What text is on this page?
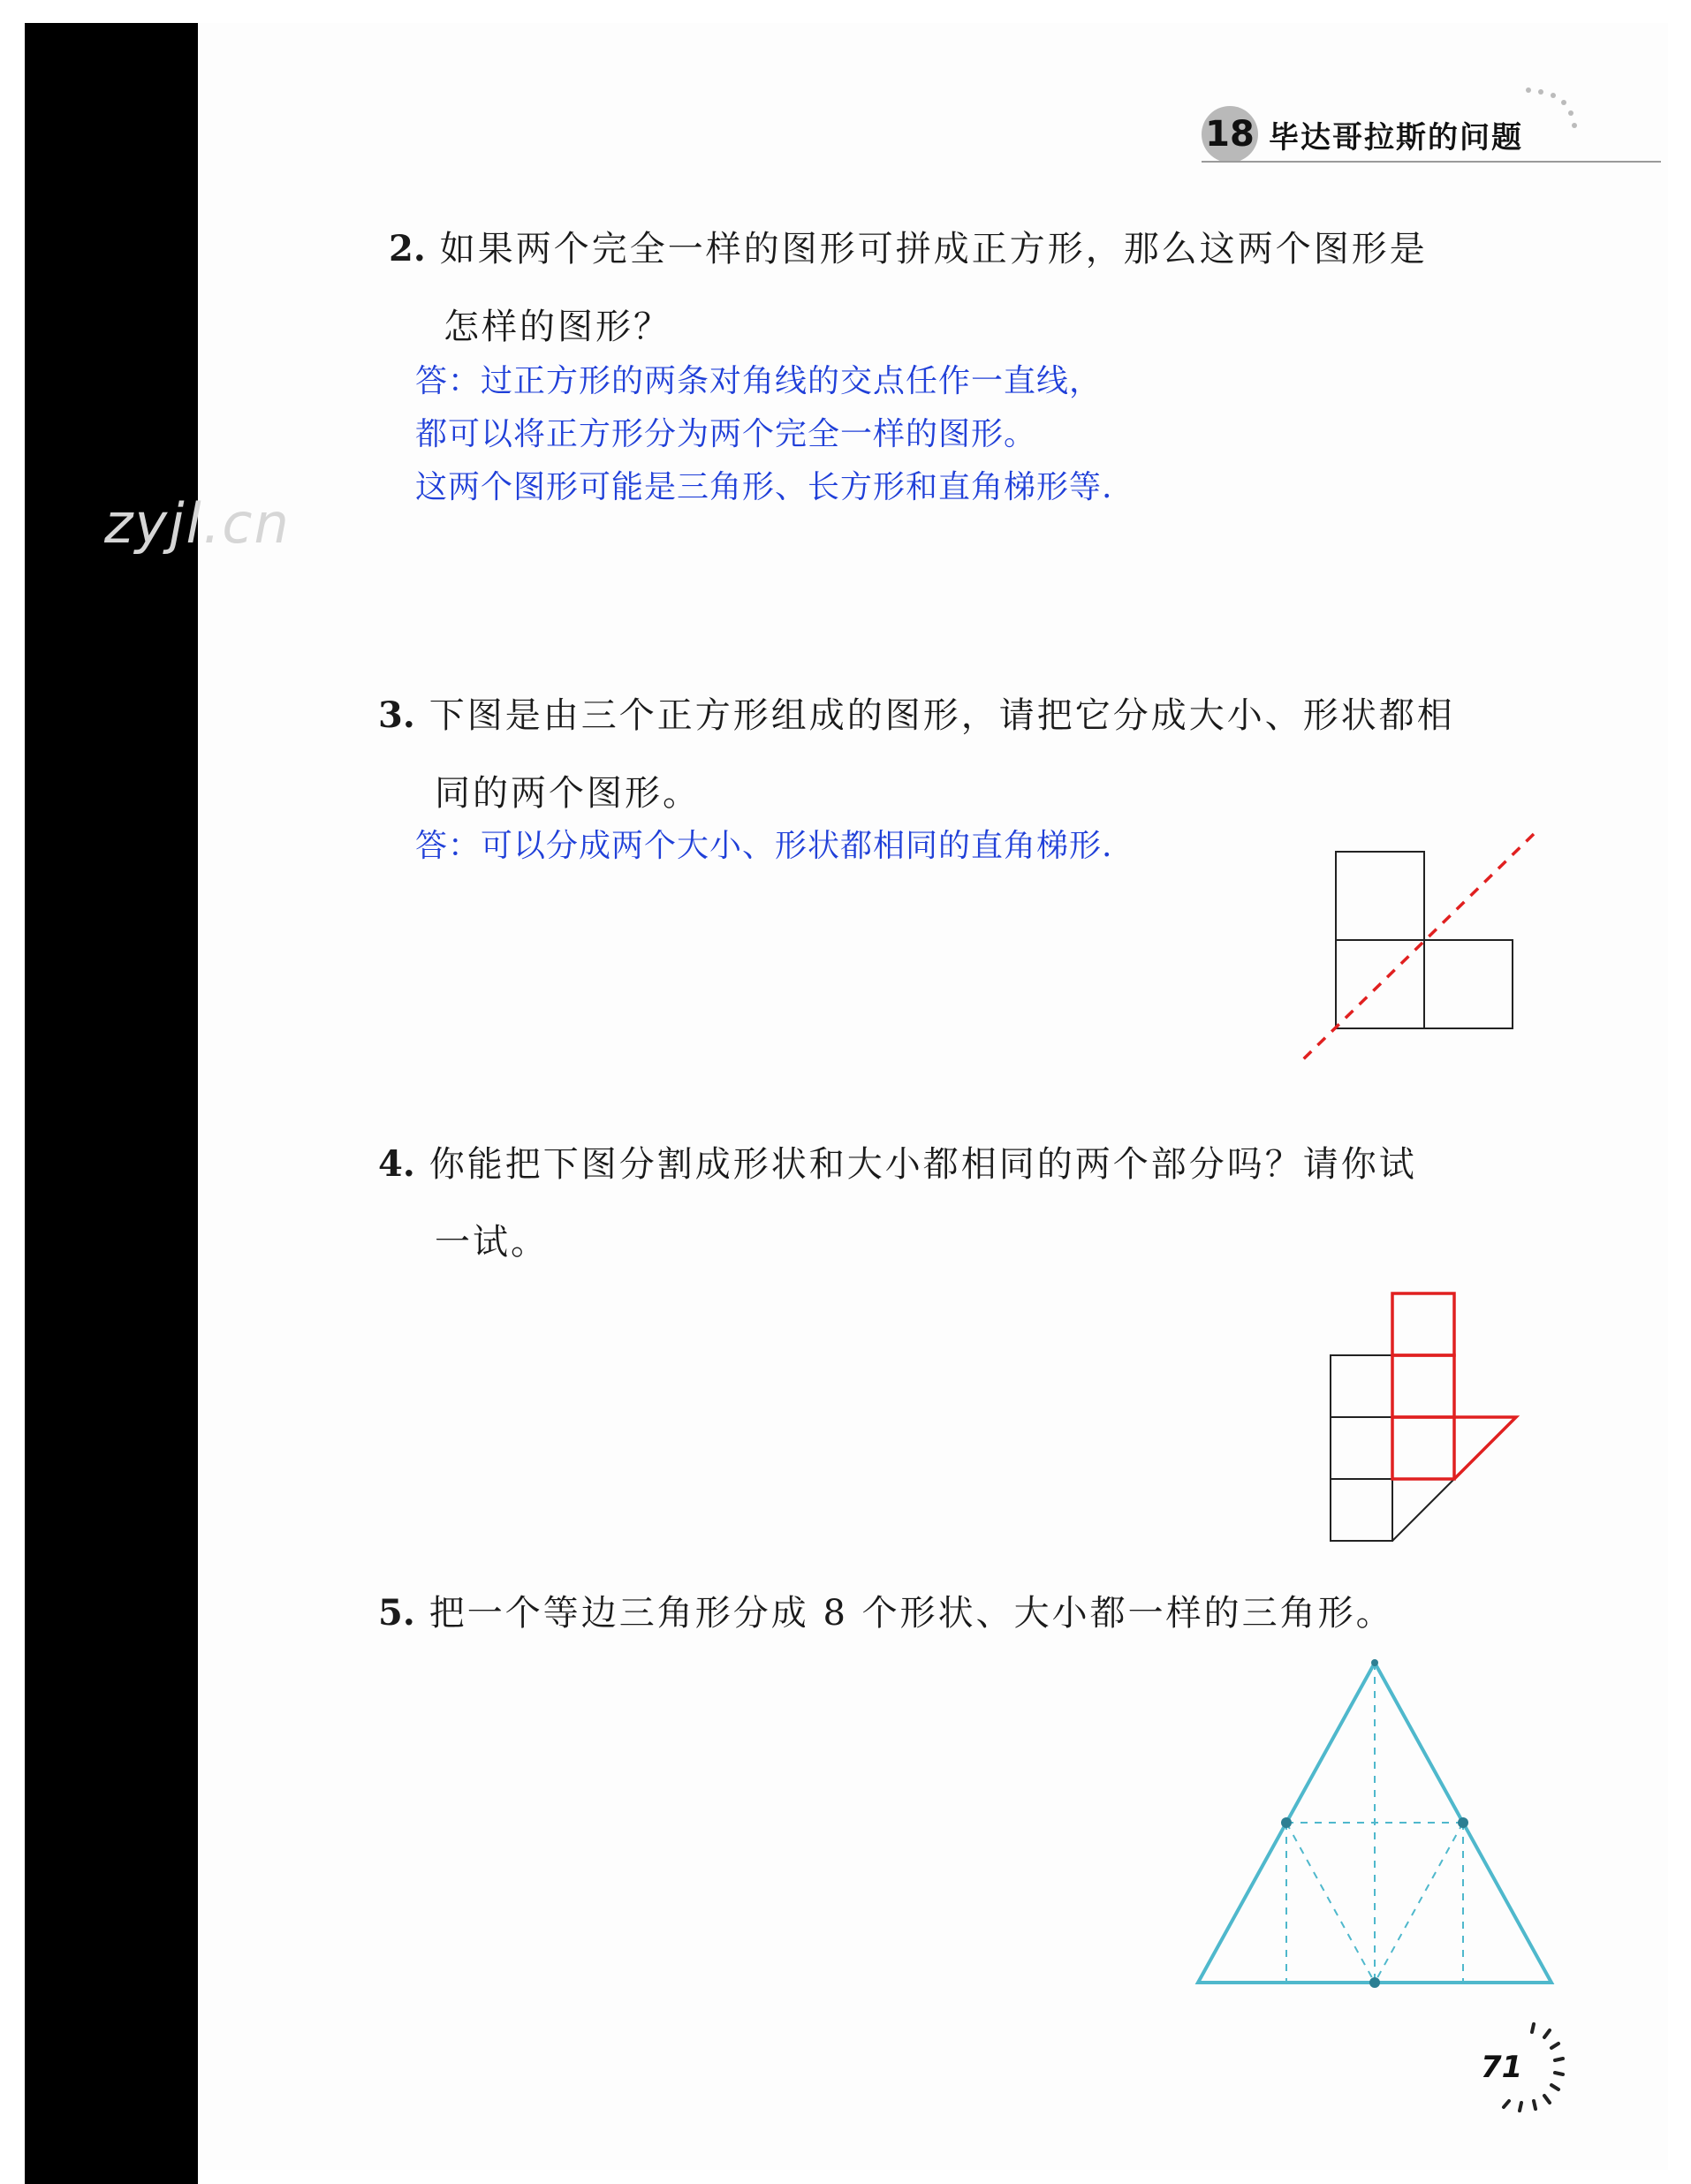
18 毕达哥拉斯的问题
zyjl.cn
2. 如果两个完全一样的图形可拼成正方形，那么这两个图形是
怎样的图形？
答：过正方形的两条对角线的交点任作一直线，
都可以将正方形分为两个完全一样的图形。
这两个图形可能是三角形、长方形和直角梯形等.
3. 下图是由三个正方形组成的图形，请把它分成大小、形状都相
同的两个图形。
答：可以分成两个大小、形状都相同的直角梯形.
4. 你能把下图分割成形状和大小都相同的两个部分吗？请你试
一试。
5. 把一个等边三角形分成 8 个形状、大小都一样的三角形。
71
